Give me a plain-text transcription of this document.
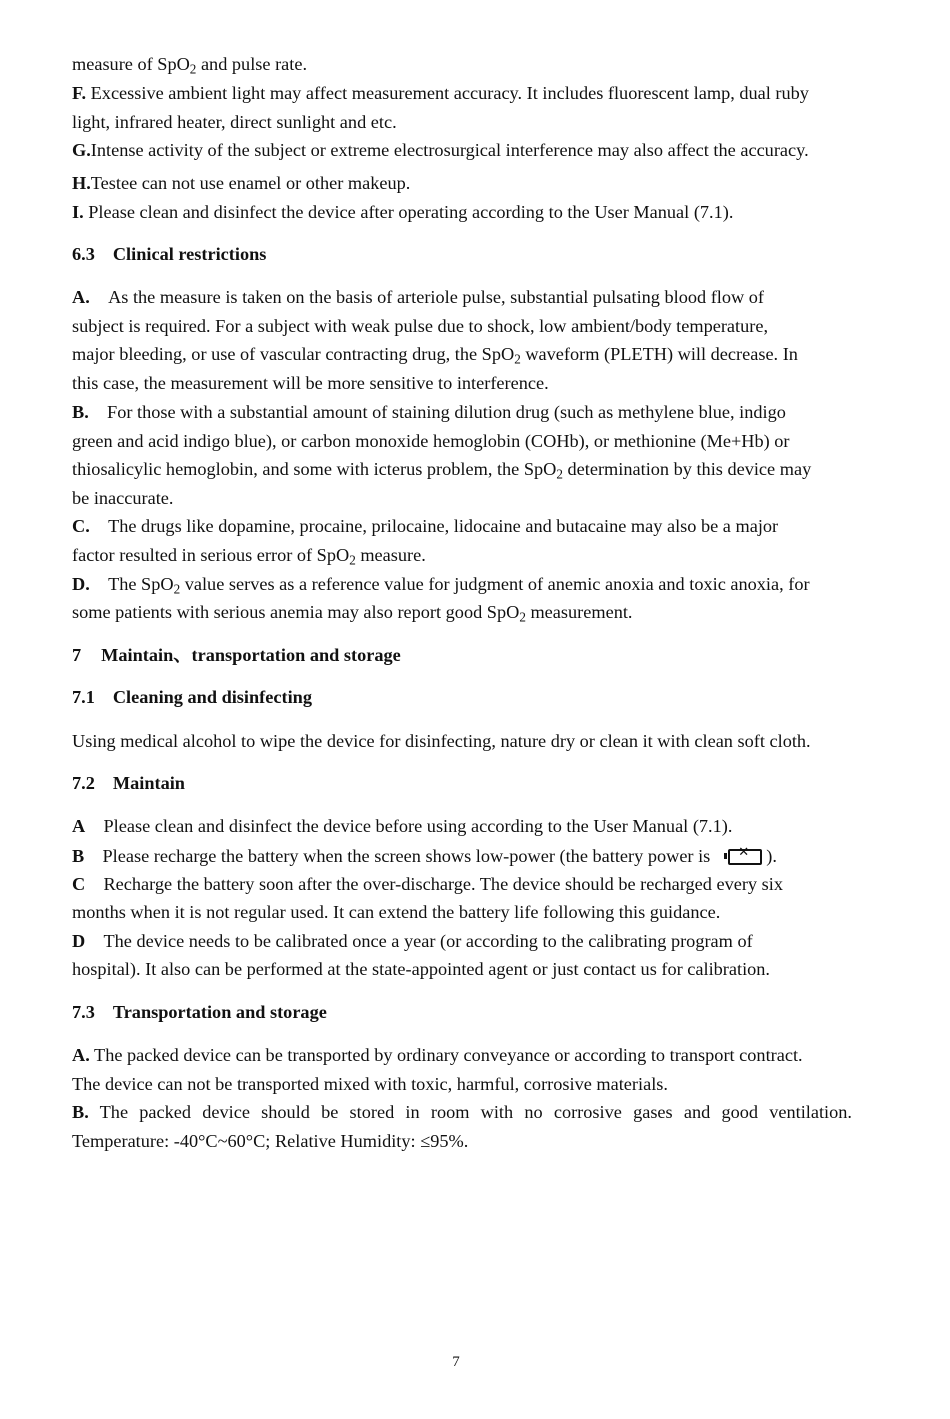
measure of SpO$_2$ and pulse rate.
F. Excessive ambient light may affect measurement accuracy. It includes fluorescent lamp, dual ruby
light, infrared heater, direct sunlight and etc.
G.Intense activity of the subject or extreme electrosurgical interference may also affect the accuracy.
H.Testee can not use enamel or other makeup.
I. Please clean and disinfect the device after operating according to the User Manual (7.1).
6.3 Clinical restrictions
A. As the measure is taken on the basis of arteriole pulse, substantial pulsating blood flow of
subject is required. For a subject with weak pulse due to shock, low ambient/body temperature,
major bleeding, or use of vascular contracting drug, the SpO$_2$ waveform (PLETH) will decrease. In
this case, the measurement will be more sensitive to interference.
B. For those with a substantial amount of staining dilution drug (such as methylene blue, indigo
green and acid indigo blue), or carbon monoxide hemoglobin (COHb), or methionine (Me+Hb) or
thiosalicylic hemoglobin, and some with icterus problem, the SpO$_2$ determination by this device may
be inaccurate.
C. The drugs like dopamine, procaine, prilocaine, lidocaine and butacaine may also be a major
factor resulted in serious error of SpO$_2$ measure.
D. The SpO$_2$ value serves as a reference value for judgment of anemic anoxia and toxic anoxia, for
some patients with serious anemia may also report good SpO$_2$ measurement.
7 Maintain、transportation and storage
7.1 Cleaning and disinfecting
Using medical alcohol to wipe the device for disinfecting, nature dry or clean it with clean soft cloth.
7.2 Maintain
A Please clean and disinfect the device before using according to the User Manual (7.1).
B Please recharge the battery when the screen shows low-power (the battery power is ✕ ).
C Recharge the battery soon after the over-discharge. The device should be recharged every six
months when it is not regular used. It can extend the battery life following this guidance.
D The device needs to be calibrated once a year (or according to the calibrating program of
hospital). It also can be performed at the state-appointed agent or just contact us for calibration.
7.3 Transportation and storage
A. The packed device can be transported by ordinary conveyance or according to transport contract.
The device can not be transported mixed with toxic, harmful, corrosive materials.
B. The packed device should be stored in room with no corrosive gases and good ventilation.
Temperature: -40°C~60°C; Relative Humidity: ≤95%.
7
